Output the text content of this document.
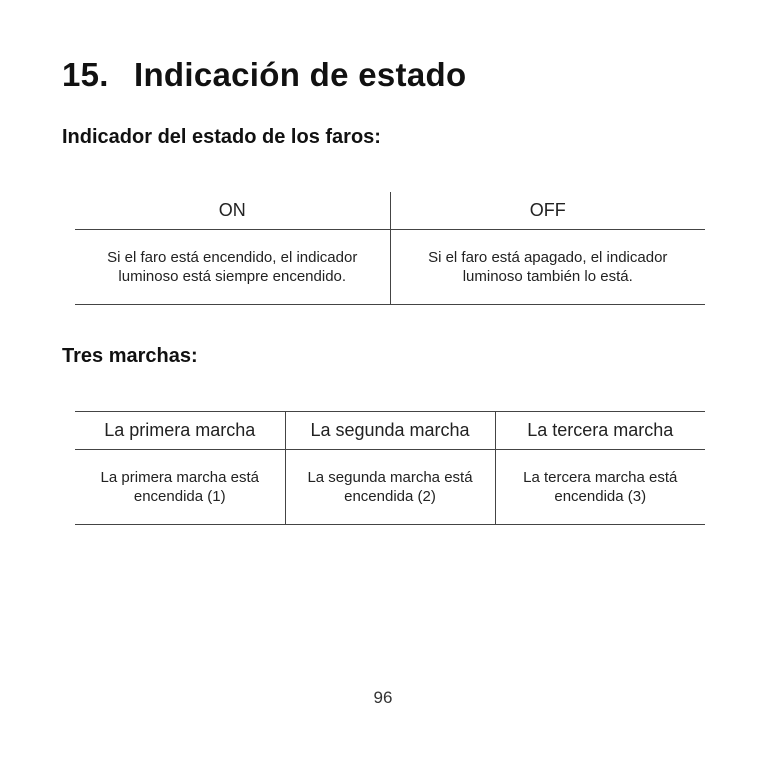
15. Indicación de estado
Indicador del estado de los faros:
ON	OFF
Si el faro está encendido, el indicador luminoso está siempre encendido.	Si el faro está apagado, el indicador luminoso también lo está.
Tres marchas:
La primera marcha	La segunda marcha	La tercera marcha
La primera marcha está encendida (1)	La segunda marcha está encendida (2)	La tercera marcha está encendida (3)
96
